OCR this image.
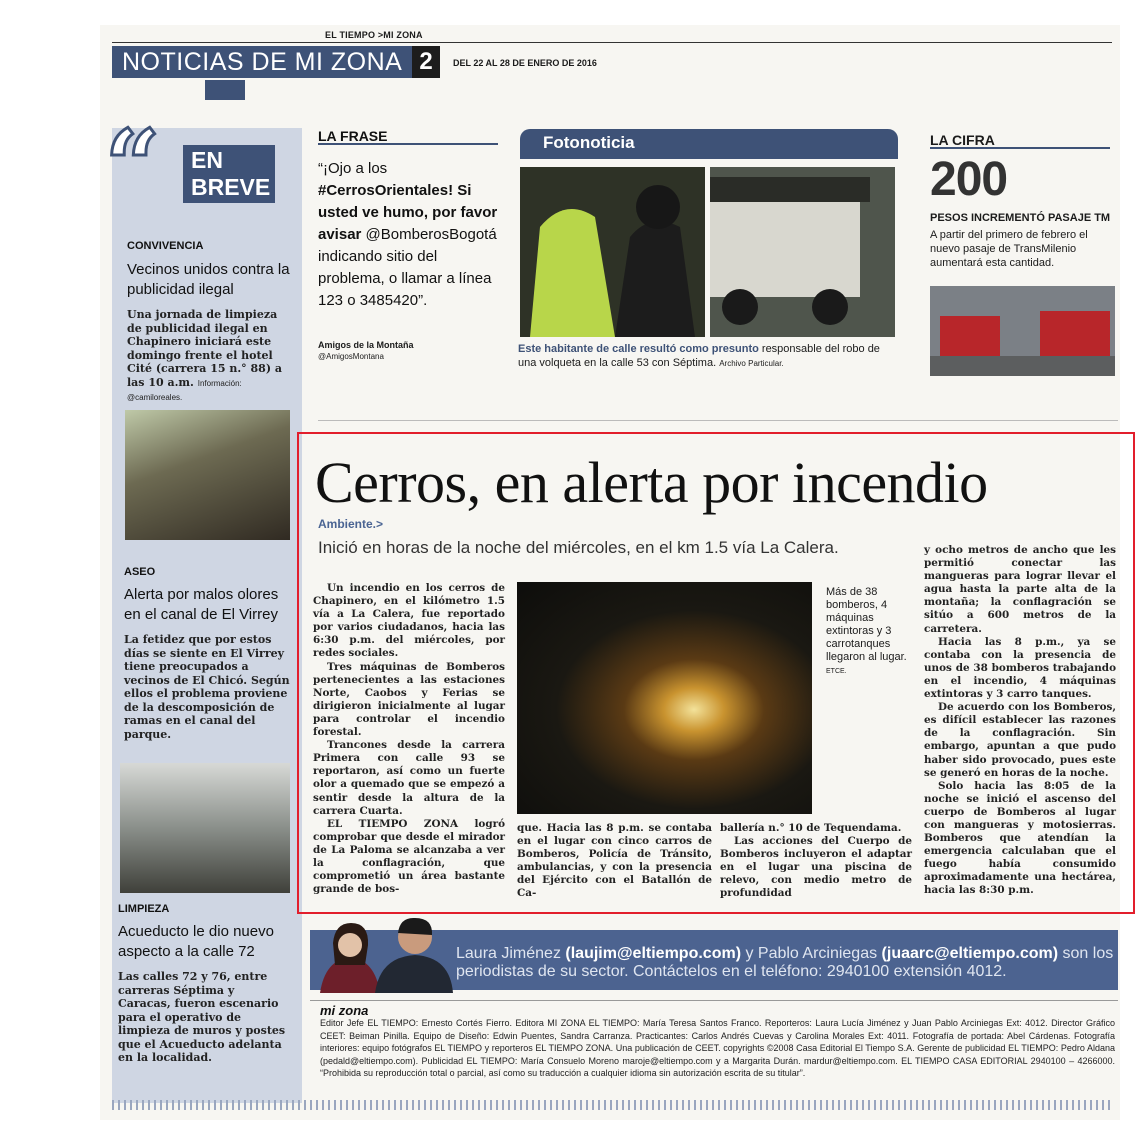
EL TIEMPO >MI ZONA
NOTICIAS DE MI ZONA 2	DEL 22 AL 28 DE ENERO DE 2016
“ EN
BREVE
CONVIVENCIA
Vecinos unidos contra la publicidad ilegal
Una jornada de limpieza de publicidad ilegal en Chapinero iniciará este domingo frente el hotel Cité (carrera 15 n.° 88) a las 10 a.m. Información: @camiloreales.
ASEO
Alerta por malos olores en el canal de El Virrey
La fetidez que por estos días se siente en El Virrey tiene preocupados a vecinos de El Chicó. Según ellos el problema proviene de la descomposición de ramas en el canal del parque.
LIMPIEZA
Acueducto le dio nuevo aspecto a la calle 72
Las calles 72 y 76, entre carreras Séptima y Caracas, fueron escenario para el operativo de limpieza de muros y postes que el Acueducto adelanta en la localidad.
LA FRASE
“¡Ojo a los #CerrosOrientales! Si usted ve humo, por favor avisar @BomberosBogotá indicando sitio del problema, o llamar a línea 123 o 3485420”.
Amigos de la Montaña
@AmigosMontana
Fotonoticia
Este habitante de calle resultó como presunto responsable del robo de una volqueta en la calle 53 con Séptima. Archivo Particular.
LA CIFRA
200
PESOS INCREMENTÓ PASAJE TM
A partir del primero de febrero el nuevo pasaje de TransMilenio aumentará esta cantidad.
Cerros, en alerta por incendio
Ambiente.>
Inició en horas de la noche del miércoles, en el km 1.5 vía La Calera.

Un incendio en los cerros de Chapinero, en el kilómetro 1.5 vía a La Calera, fue reportado por varios ciudadanos, hacia las 6:30 p.m. del miércoles, por redes sociales.

Tres máquinas de Bomberos pertenecientes a las estaciones Norte, Caobos y Ferias se dirigieron inicialmente al lugar para controlar el incendio forestal.

Trancones desde la carrera Primera con calle 93 se reportaron, así como un fuerte olor a quemado que se empezó a sentir desde la altura de la carrera Cuarta.

EL TIEMPO ZONA logró comprobar que desde el mirador de La Paloma se alcanzaba a ver la conflagración, que comprometió un área bastante grande de bos-

Más de 38 bomberos, 4 máquinas extintoras y 3 carrotanques llegaron al lugar. ETCE.

que. Hacia las 8 p.m. se contaba en el lugar con cinco carros de Bomberos, Policía de Tránsito, ambulancias, y con la presencia del Ejército con el Batallón de Ca-

ballería n.° 10 de Tequendama.

Las acciones del Cuerpo de Bomberos incluyeron el adaptar en el lugar una piscina de relevo, con medio metro de profundidad

y ocho metros de ancho que les permitió conectar las mangueras para lograr llevar el agua hasta la parte alta de la montaña; la conflagración se sitúo a 600 metros de la carretera.

Hacia las 8 p.m., ya se contaba con la presencia de unos de 38 bomberos trabajando en el incendio, 4 máquinas extintoras y 3 carro tanques.

De acuerdo con los Bomberos, es difícil establecer las razones de la conflagración. Sin embargo, apuntan a que pudo haber sido provocado, pues este se generó en horas de la noche.

Solo hacia las 8:05 de la noche se inició el ascenso del cuerpo de Bomberos al lugar con mangueras y motosierras. Bomberos que atendían la emergencia calculaban que el fuego había consumido aproximadamente una hectárea, hacia las 8:30 p.m.

Laura Jiménez (laujim@eltiempo.com) y Pablo Arciniegas (juaarc@eltiempo.com) son los periodistas de su sector. Contáctelos en el teléfono: 2940100 extensión 4012.
mi zona
Editor Jefe EL TIEMPO: Ernesto Cortés Fierro. Editora MI ZONA EL TIEMPO: María Teresa Santos Franco. Reporteros: Laura Lucía Jiménez y Juan Pablo Arciniegas Ext: 4012. Director Gráfico CEET: Beiman Pinilla. Equipo de Diseño: Edwin Puentes, Sandra Carranza. Practicantes: Carlos Andrés Cuevas y Carolina Morales Ext: 4011. Fotografía de portada: Abel Cárdenas. Fotografía interiores: equipo fotógrafos EL TIEMPO y reporteros EL TIEMPO ZONA. Una publicación de CEET. copyrights ©2008 Casa Editorial El Tiempo S.A. Gerente de publicidad EL TIEMPO: Pedro Aldana (pedald@eltiempo.com). Publicidad EL TIEMPO: María Consuelo Moreno maroje@eltiempo.com y a Margarita Durán. mardur@eltiempo.com. EL TIEMPO CASA EDITORIAL 2940100 – 4266000. “Prohibida su reproducción total o parcial, así como su traducción a cualquier idioma sin autorización escrita de su titular”.
